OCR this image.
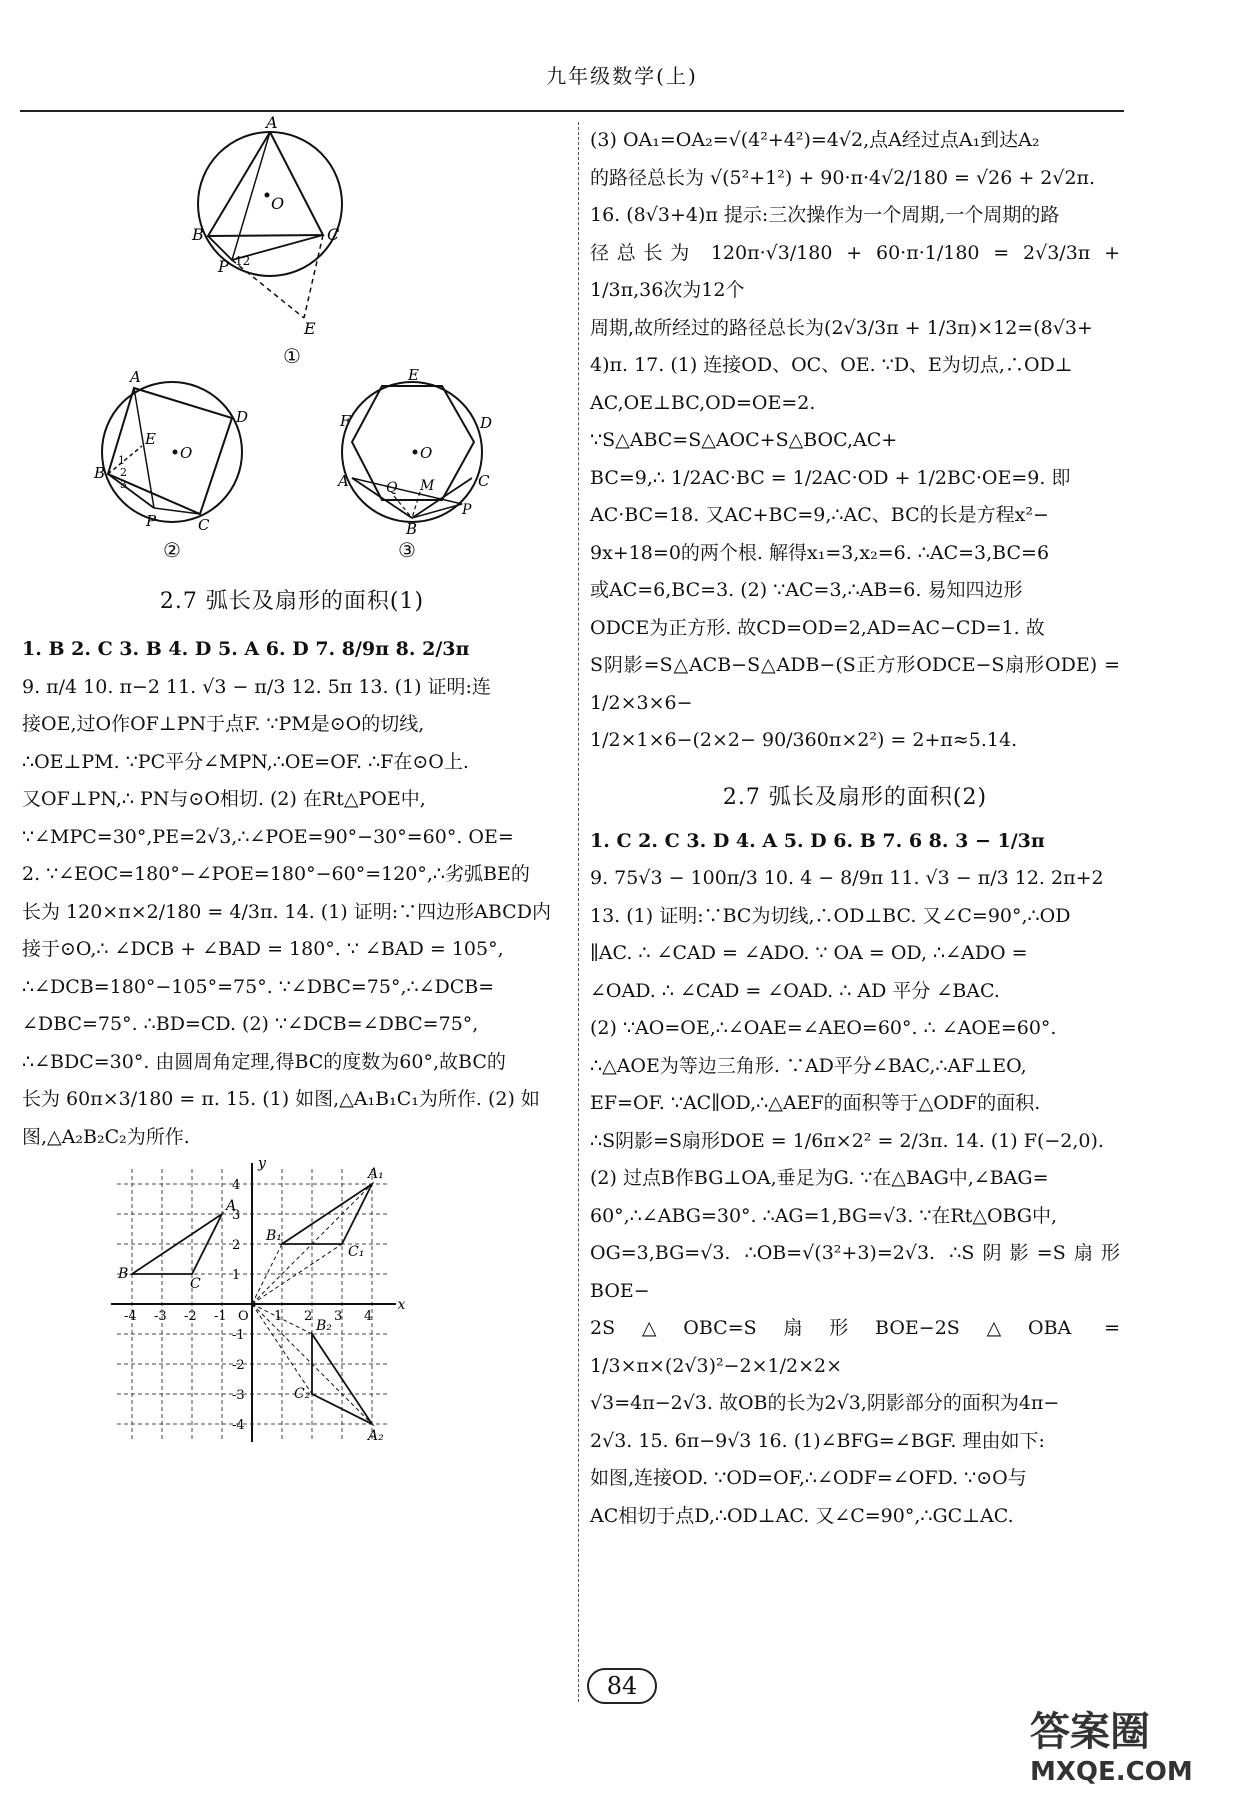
九年级数学(上)
A
B	C
P 12
O
E

①

A
D
B
P	C
E
O
1
2
3
E
F	D
A	C
Q M
P
B
O

②	③

2.7 弧长及扇形的面积(1)

1. B 2. C 3. B 4. D 5. A 6. D 7. 8/9π 8. 2/3π

9. π/4 10. π−2 11. √3 − π/3 12. 5π 13. (1) 证明:连

接OE,过O作OF⊥PN于点F. ∵PM是⊙O的切线,

∴OE⊥PM. ∵PC平分∠MPN,∴OE=OF. ∴F在⊙O上.

又OF⊥PN,∴ PN与⊙O相切. (2) 在Rt△POE中,

∵∠MPC=30°,PE=2√3,∴∠POE=90°−30°=60°. OE=

2. ∵∠EOC=180°−∠POE=180°−60°=120°,∴劣弧BE的

长为 120×π×2/180 = 4/3π. 14. (1) 证明:∵四边形ABCD内

接于⊙O,∴ ∠DCB + ∠BAD = 180°. ∵ ∠BAD = 105°,

∴∠DCB=180°−105°=75°. ∵∠DBC=75°,∴∠DCB=

∠DBC=75°. ∴BD=CD. (2) ∵∠DCB=∠DBC=75°,

∴∠BDC=30°. 由圆周角定理,得BC的度数为60°,故BC的

长为 60π×3/180 = π. 15. (1) 如图,△A₁B₁C₁为所作. (2) 如

图,△A₂B₂C₂为所作.

-4 -3 -2 -1 O 1 2 3 4
4
3
2
1
-1
-2
-3
-4
x
y
A
B
C
A₁
B₁
C₁
A₂
B₂
C₂

(3) OA₁=OA₂=√(4²+4²)=4√2,点A经过点A₁到达A₂

的路径总长为 √(5²+1²) + 90·π·4√2/180 = √26 + 2√2π.

16. (8√3+4)π 提示:三次操作为一个周期,一个周期的路

径总长为 120π·√3/180 + 60·π·1/180 = 2√3/3π + 1/3π,36次为12个

周期,故所经过的路径总长为(2√3/3π + 1/3π)×12=(8√3+

4)π. 17. (1) 连接OD、OC、OE. ∵D、E为切点,∴OD⊥

AC,OE⊥BC,OD=OE=2. ∵S△ABC=S△AOC+S△BOC,AC+

BC=9,∴ 1/2AC·BC = 1/2AC·OD + 1/2BC·OE=9. 即

AC·BC=18. 又AC+BC=9,∴AC、BC的长是方程x²−

9x+18=0的两个根. 解得x₁=3,x₂=6. ∴AC=3,BC=6

或AC=6,BC=3. (2) ∵AC=3,∴AB=6. 易知四边形

ODCE为正方形. 故CD=OD=2,AD=AC−CD=1. 故

S阴影=S△ACB−S△ADB−(S正方形ODCE−S扇形ODE) = 1/2×3×6−

1/2×1×6−(2×2− 90/360π×2²) = 2+π≈5.14.

2.7 弧长及扇形的面积(2)

1. C 2. C 3. D 4. A 5. D 6. B 7. 6 8. 3 − 1/3π

9. 75√3 − 100π/3 10. 4 − 8/9π 11. √3 − π/3 12. 2π+2

13. (1) 证明:∵BC为切线,∴OD⊥BC. 又∠C=90°,∴OD

∥AC. ∴ ∠CAD = ∠ADO. ∵ OA = OD, ∴∠ADO =

∠OAD. ∴ ∠CAD = ∠OAD. ∴ AD 平分 ∠BAC.

(2) ∵AO=OE,∴∠OAE=∠AEO=60°. ∴ ∠AOE=60°.

∴△AOE为等边三角形. ∵AD平分∠BAC,∴AF⊥EO,

EF=OF. ∵AC∥OD,∴△AEF的面积等于△ODF的面积.

∴S阴影=S扇形DOE = 1/6π×2² = 2/3π. 14. (1) F(−2,0).

(2) 过点B作BG⊥OA,垂足为G. ∵在△BAG中,∠BAG=

60°,∴∠ABG=30°. ∴AG=1,BG=√3. ∵在Rt△OBG中,

OG=3,BG=√3. ∴OB=√(3²+3)=2√3. ∴S阴影=S扇形BOE−

2S△OBC=S扇形BOE−2S△OBA = 1/3×π×(2√3)²−2×1/2×2×

√3=4π−2√3. 故OB的长为2√3,阴影部分的面积为4π−

2√3. 15. 6π−9√3 16. (1)∠BFG=∠BGF. 理由如下:

如图,连接OD. ∵OD=OF,∴∠ODF=∠OFD. ∵⊙O与

AC相切于点D,∴OD⊥AC. 又∠C=90°,∴GC⊥AC.

84
答案圈
MXQE.COM
